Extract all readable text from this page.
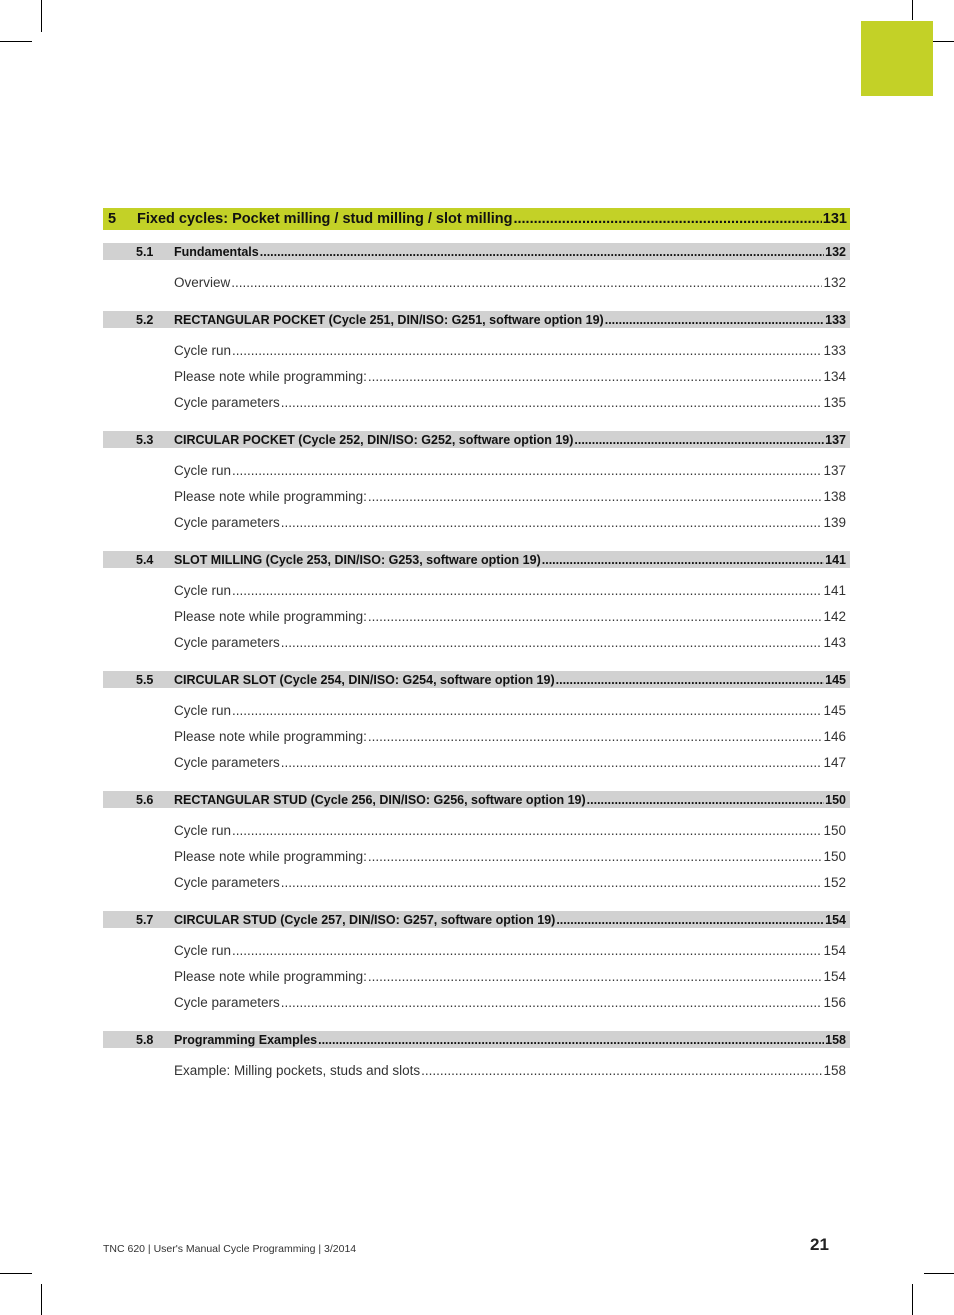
5	Fixed cycles: Pocket milling / stud milling / slot milling .....	131
5.1	Fundamentals .....	132
Overview .....	132
5.2	RECTANGULAR POCKET (Cycle 251, DIN/ISO: G251, software option 19) .....	133
Cycle run .....	133
Please note while programming: .....	134
Cycle parameters .....	135
5.3	CIRCULAR POCKET (Cycle 252, DIN/ISO: G252, software option 19) .....	137
Cycle run .....	137
Please note while programming: .....	138
Cycle parameters .....	139
5.4	SLOT MILLING (Cycle 253, DIN/ISO: G253, software option 19) .....	141
Cycle run .....	141
Please note while programming: .....	142
Cycle parameters .....	143
5.5	CIRCULAR SLOT (Cycle 254, DIN/ISO: G254, software option 19) .....	145
Cycle run .....	145
Please note while programming: .....	146
Cycle parameters .....	147
5.6	RECTANGULAR STUD (Cycle 256, DIN/ISO: G256, software option 19) .....	150
Cycle run .....	150
Please note while programming: .....	150
Cycle parameters .....	152
5.7	CIRCULAR STUD (Cycle 257, DIN/ISO: G257, software option 19) .....	154
Cycle run .....	154
Please note while programming: .....	154
Cycle parameters .....	156
5.8	Programming Examples .....	158
Example: Milling pockets, studs and slots .....	158
TNC 620 | User's Manual Cycle Programming | 3/2014	21
